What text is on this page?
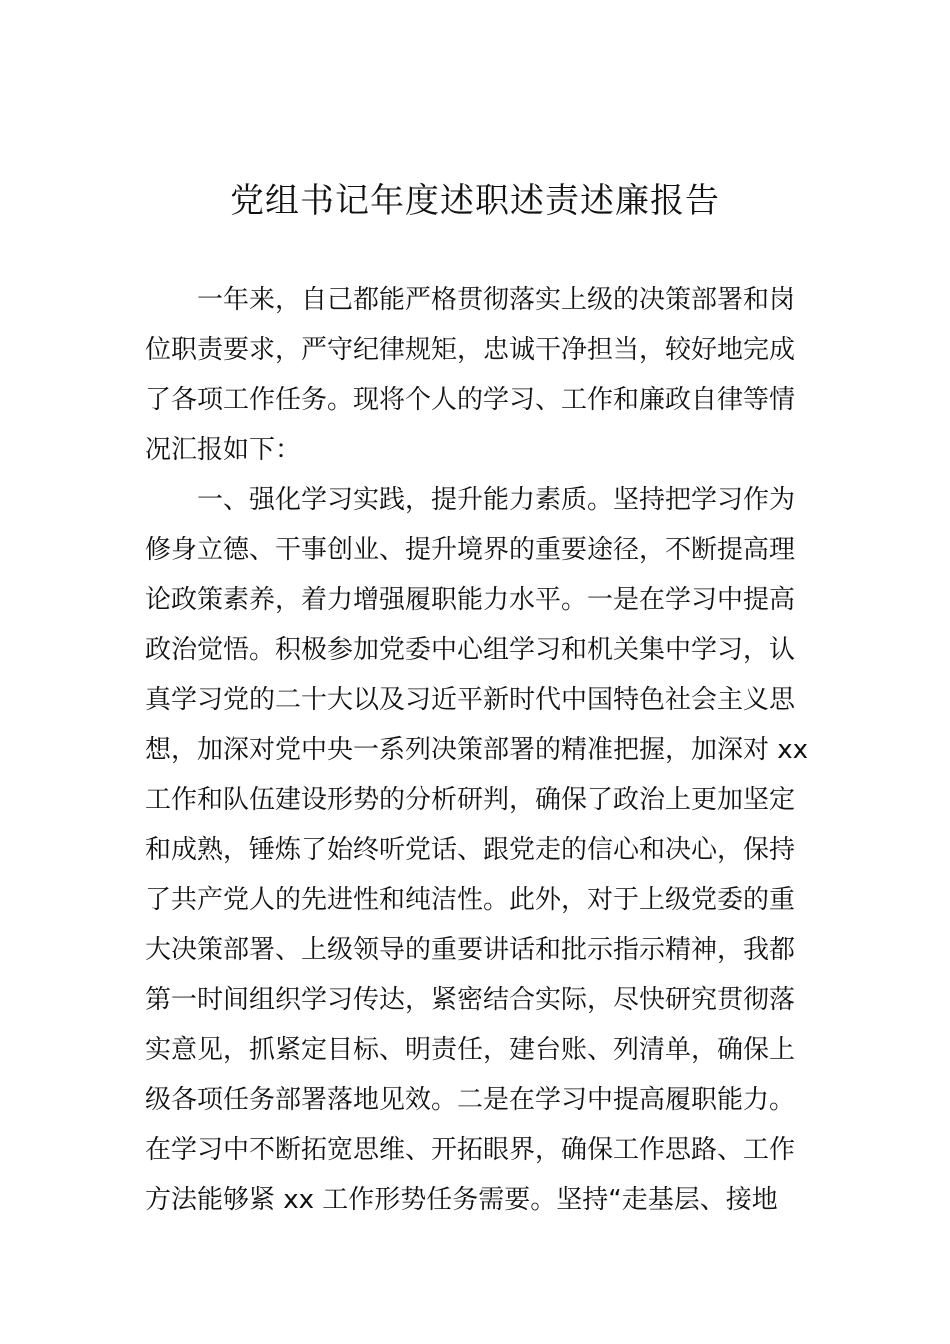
党组书记年度述职述责述廉报告
一年来，自己都能严格贯彻落实上级的决策部署和岗
位职责要求，严守纪律规矩，忠诚干净担当，较好地完成
了各项工作任务。现将个人的学习、工作和廉政自律等情
况汇报如下：
一、强化学习实践，提升能力素质。坚持把学习作为
修身立德、干事创业、提升境界的重要途径，不断提高理
论政策素养，着力增强履职能力水平。一是在学习中提高
政治觉悟。积极参加党委中心组学习和机关集中学习，认
真学习党的二十大以及习近平新时代中国特色社会主义思
想，加深对党中央一系列决策部署的精准把握，加深对 xx
工作和队伍建设形势的分析研判，确保了政治上更加坚定
和成熟，锤炼了始终听党话、跟党走的信心和决心，保持
了共产党人的先进性和纯洁性。此外，对于上级党委的重
大决策部署、上级领导的重要讲话和批示指示精神，我都
第一时间组织学习传达，紧密结合实际，尽快研究贯彻落
实意见，抓紧定目标、明责任，建台账、列清单，确保上
级各项任务部署落地见效。二是在学习中提高履职能力。
在学习中不断拓宽思维、开拓眼界，确保工作思路、工作
方法能够紧 xx 工作形势任务需要。坚持“走基层、接地
